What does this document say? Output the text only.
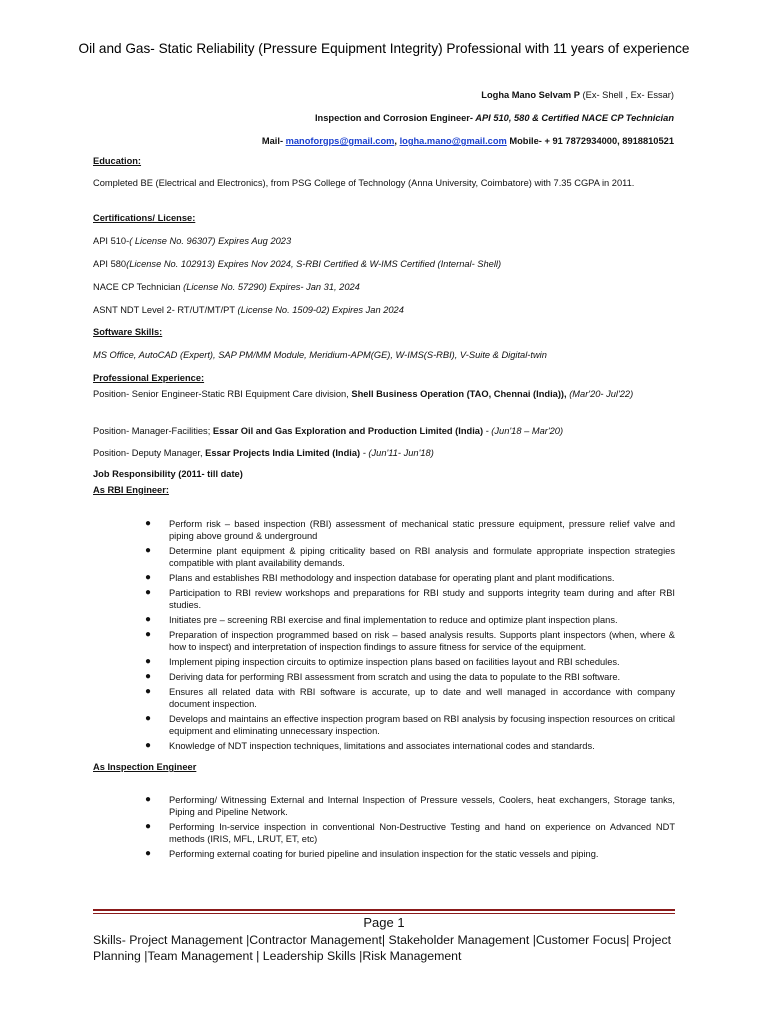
Oil and Gas- Static Reliability (Pressure Equipment Integrity) Professional with 11 years of experience
Logha Mano Selvam P (Ex- Shell , Ex- Essar)
Inspection and Corrosion Engineer- API 510, 580 & Certified NACE CP Technician
Mail- manoforgps@gmail.com, logha.mano@gmail.com Mobile- + 91 7872934000, 8918810521
Education:

Completed BE (Electrical and Electronics), from PSG College of Technology (Anna University, Coimbatore) with 7.35 CGPA in 2011.

Certifications/ License:
API 510-( License No. 96307) Expires Aug 2023
API 580(License No. 102913) Expires Nov 2024, S-RBI Certified & W-IMS Certified (Internal- Shell)
NACE CP Technician (License No. 57290) Expires- Jan 31, 2024
ASNT NDT Level 2- RT/UT/MT/PT (License No. 1509-02) Expires Jan 2024
Software Skills:
MS Office, AutoCAD (Expert), SAP PM/MM Module, Meridium-APM(GE), W-IMS(S-RBI), V-Suite & Digital-twin
Professional Experience:
Position- Senior Engineer-Static RBI Equipment Care division, Shell Business Operation (TAO, Chennai (India)), (Mar'20- Jul'22)
Position- Manager-Facilities; Essar Oil and Gas Exploration and Production Limited (India) - (Jun'18 – Mar'20)
Position- Deputy Manager, Essar Projects India Limited (India) - (Jun'11- Jun'18)
Job Responsibility (2011- till date)
As RBI Engineer:
● Perform risk – based inspection (RBI) assessment of mechanical static pressure equipment, pressure relief valve and piping above ground & underground
● Determine plant equipment & piping criticality based on RBI analysis and formulate appropriate inspection strategies compatible with plant availability demands.
● Plans and establishes RBI methodology and inspection database for operating plant and plant modifications.
● Participation to RBI review workshops and preparations for RBI study and supports integrity team during and after RBI studies.
● Initiates pre – screening RBI exercise and final implementation to reduce and optimize plant inspection plans.
● Preparation of inspection programmed based on risk – based analysis results. Supports plant inspectors (when, where & how to inspect) and interpretation of inspection findings to assure fitness for service of the equipment.
● Implement piping inspection circuits to optimize inspection plans based on facilities layout and RBI schedules.
● Deriving data for performing RBI assessment from scratch and using the data to populate to the RBI software.
● Ensures all related data with RBI software is accurate, up to date and well managed in accordance with company document inspection.
● Develops and maintains an effective inspection program based on RBI analysis by focusing inspection resources on critical equipment and eliminating unnecessary inspection.
● Knowledge of NDT inspection techniques, limitations and associates international codes and standards.
As Inspection Engineer
● Performing/ Witnessing External and Internal Inspection of Pressure vessels, Coolers, heat exchangers, Storage tanks, Piping and Pipeline Network.
● Performing In-service inspection in conventional Non-Destructive Testing and hand on experience on Advanced NDT methods (IRIS, MFL, LRUT, ET, etc)
● Performing external coating for buried pipeline and insulation inspection for the static vessels and piping.
Page 1
Skills- Project Management |Contractor Management| Stakeholder Management |Customer Focus| Project Planning |Team Management | Leadership Skills |Risk Management
